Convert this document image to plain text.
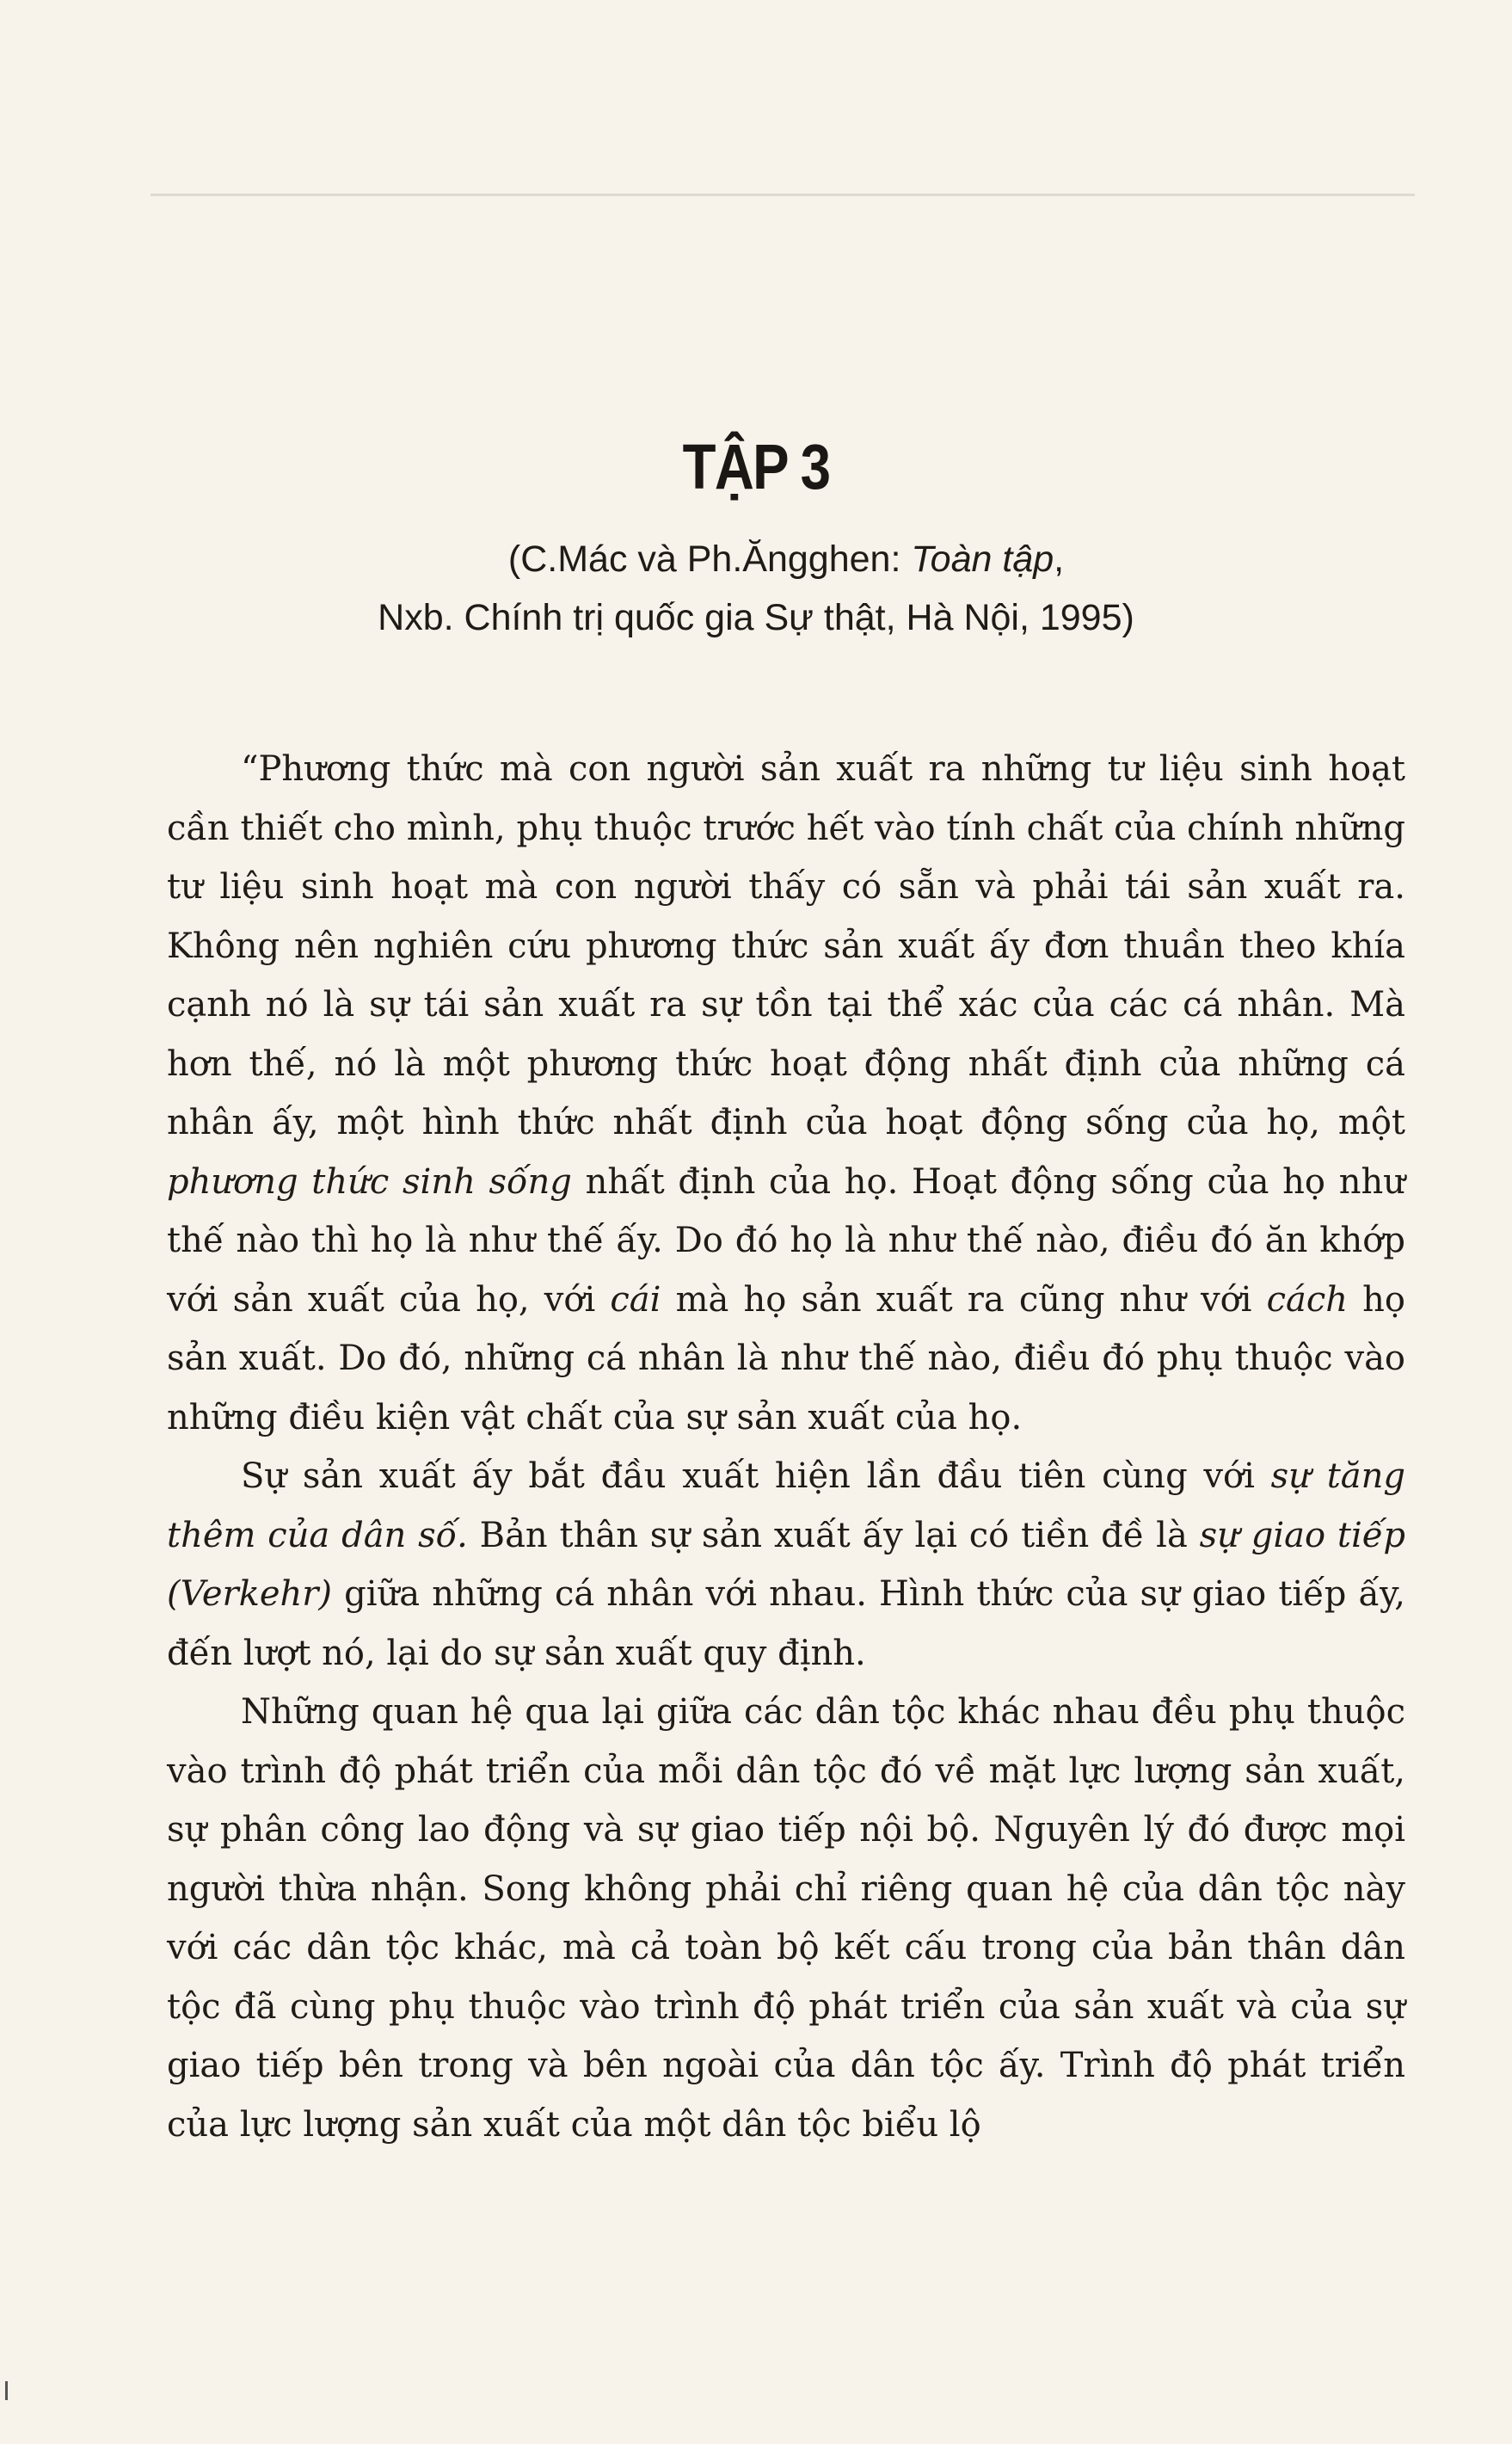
TẬP 3
(C.Mác và Ph.Ăngghen: Toàn tập,
Nxb. Chính trị quốc gia Sự thật, Hà Nội, 1995)

“Phương thức mà con người sản xuất ra những tư liệu sinh hoạt cần thiết cho mình, phụ thuộc trước hết vào tính chất của chính những tư liệu sinh hoạt mà con người thấy có sẵn và phải tái sản xuất ra. Không nên nghiên cứu phương thức sản xuất ấy đơn thuần theo khía cạnh nó là sự tái sản xuất ra sự tồn tại thể xác của các cá nhân. Mà hơn thế, nó là một phương thức hoạt động nhất định của những cá nhân ấy, một hình thức nhất định của hoạt động sống của họ, một phương thức sinh sống nhất định của họ. Hoạt động sống của họ như thế nào thì họ là như thế ấy. Do đó họ là như thế nào, điều đó ăn khớp với sản xuất của họ, với cái mà họ sản xuất ra cũng như với cách họ sản xuất. Do đó, những cá nhân là như thế nào, điều đó phụ thuộc vào những điều kiện vật chất của sự sản xuất của họ.

Sự sản xuất ấy bắt đầu xuất hiện lần đầu tiên cùng với sự tăng thêm của dân số. Bản thân sự sản xuất ấy lại có tiền đề là sự giao tiếp (Verkehr) giữa những cá nhân với nhau. Hình thức của sự giao tiếp ấy, đến lượt nó, lại do sự sản xuất quy định.

Những quan hệ qua lại giữa các dân tộc khác nhau đều phụ thuộc vào trình độ phát triển của mỗi dân tộc đó về mặt lực lượng sản xuất, sự phân công lao động và sự giao tiếp nội bộ. Nguyên lý đó được mọi người thừa nhận. Song không phải chỉ riêng quan hệ của dân tộc này với các dân tộc khác, mà cả toàn bộ kết cấu trong của bản thân dân tộc đã cùng phụ thuộc vào trình độ phát triển của sản xuất và của sự giao tiếp bên trong và bên ngoài của dân tộc ấy. Trình độ phát triển của lực lượng sản xuất của một dân tộc biểu lộ
